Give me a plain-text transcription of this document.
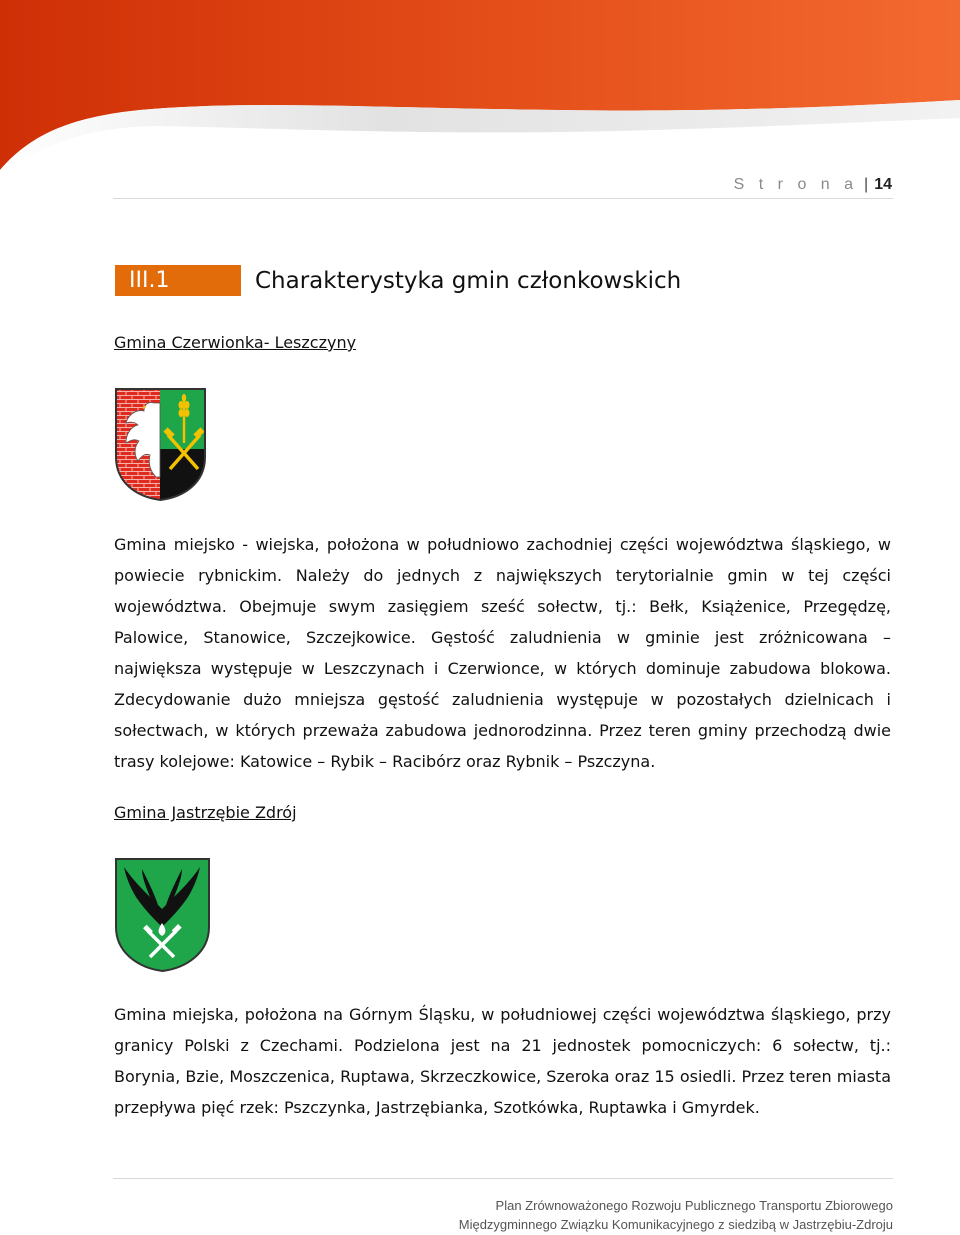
S t r o n a | 14
III.1	Charakterystyka gmin członkowskich
Gmina Czerwionka- Leszczyny

Gmina miejsko - wiejska, położona w południowo zachodniej części województwa śląskiego, w powiecie rybnickim. Należy do jednych z największych terytorialnie gmin w tej części województwa. Obejmuje swym zasięgiem sześć sołectw, tj.: Bełk, Książenice, Przegędzę, Palowice, Stanowice, Szczejkowice. Gęstość zaludnienia w gminie jest zróżnicowana – największa występuje w Leszczynach i Czerwionce, w których dominuje zabudowa blokowa. Zdecydowanie dużo mniejsza gęstość zaludnienia występuje w pozostałych dzielnicach i sołectwach, w których przeważa zabudowa jednorodzinna. Przez teren gminy przechodzą dwie trasy kolejowe: Katowice – Rybik – Racibórz oraz Rybnik – Pszczyna.

Gmina Jastrzębie Zdrój

Gmina miejska, położona na Górnym Śląsku, w południowej części województwa śląskiego, przy granicy Polski z Czechami. Podzielona jest na 21 jednostek pomocniczych: 6 sołectw, tj.: Borynia, Bzie, Moszczenica, Ruptawa, Skrzeczkowice, Szeroka oraz 15 osiedli. Przez teren miasta przepływa pięć rzek: Pszczynka, Jastrzębianka, Szotkówka, Ruptawka i Gmyrdek.

Plan Zrównoważonego Rozwoju Publicznego Transportu Zbiorowego
Międzygminnego Związku Komunikacyjnego z siedzibą w Jastrzębiu-Zdroju
